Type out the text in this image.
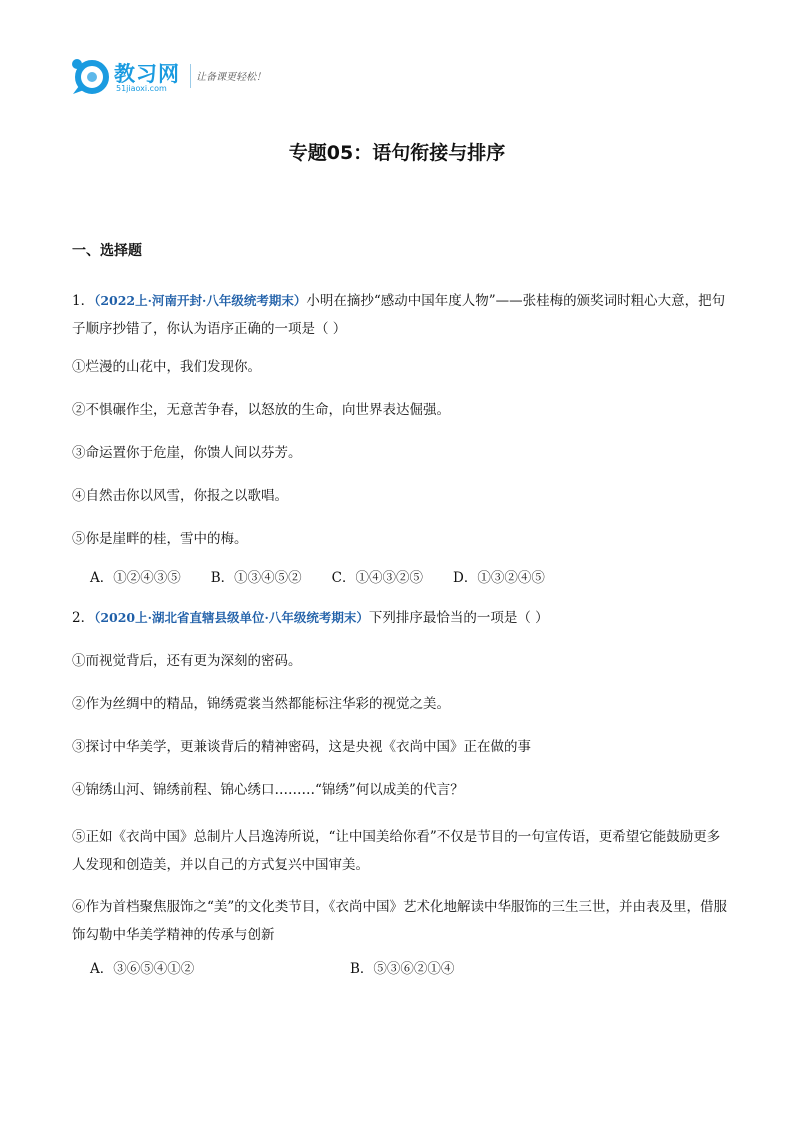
教习网
51jiaoxi.com
让备课更轻松！
专题05：语句衔接与排序
一、选择题

1．（2022上·河南开封·八年级统考期末）小明在摘抄“感动中国年度人物”——张桂梅的颁奖词时粗心大意，把句子顺序抄错了，你认为语序正确的一项是（ ）

①烂漫的山花中，我们发现你。

②不惧碾作尘，无意苦争春，以怒放的生命，向世界表达倔强。

③命运置你于危崖，你馈人间以芬芳。

④自然击你以风雪，你报之以歌唱。

⑤你是崖畔的桂，雪中的梅。

A．①②④③⑤ B．①③④⑤② C．①④③②⑤ D．①③②④⑤

2．（2020上·湖北省直辖县级单位·八年级统考期末）下列排序最恰当的一项是（ ）

①而视觉背后，还有更为深刻的密码。

②作为丝绸中的精品，锦绣霓裳当然都能标注华彩的视觉之美。

③探讨中华美学，更兼谈背后的精神密码，这是央视《衣尚中国》正在做的事

④锦绣山河、锦绣前程、锦心绣口………“锦绣”何以成美的代言？

⑤正如《衣尚中国》总制片人吕逸涛所说，“让中国美给你看”不仅是节目的一句宣传语，更希望它能鼓励更多人发现和创造美，并以自己的方式复兴中国审美。

⑥作为首档聚焦服饰之“美”的文化类节目，《衣尚中国》艺术化地解读中华服饰的三生三世，并由表及里，借服饰勾勒中华美学精神的传承与创新

A．③⑥⑤④①②	B．⑤③⑥②①④
